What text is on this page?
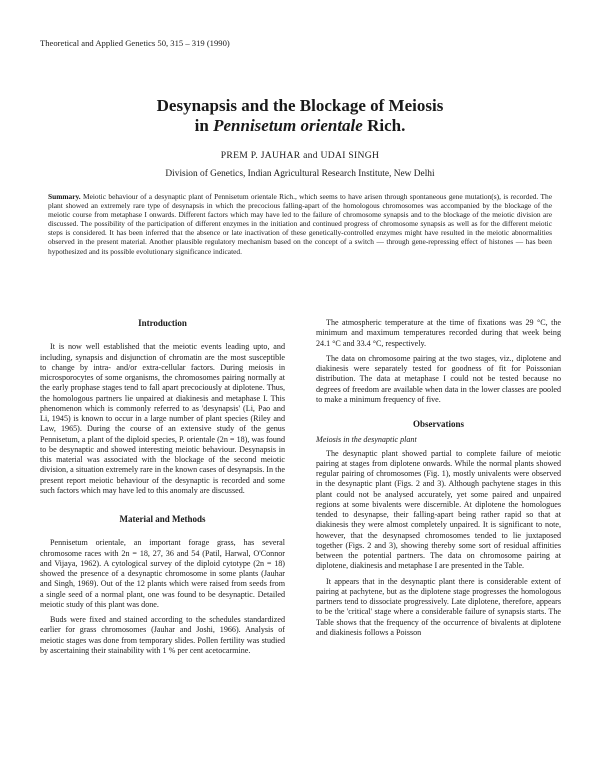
Theoretical and Applied Genetics 50, 315 – 319 (1990)
Desynapsis and the Blockage of Meiosis
in Pennisetum orientale Rich.
PREM P. JAUHAR and UDAI SINGH
Division of Genetics, Indian Agricultural Research Institute, New Delhi
Summary. Meiotic behaviour of a desynaptic plant of Pennisetum orientale Rich., which seems to have arisen through spontaneous gene mutation(s), is recorded. The plant showed an extremely rare type of desynapsis in which the precocious falling-apart of the homologous chromosomes was accompanied by the blockage of the meiotic course from metaphase I onwards. Different factors which may have led to the failure of chromosome synapsis and to the blockage of the meiotic division are discussed. The possibility of the participation of different enzymes in the initiation and continued progress of chromosome synapsis as well as for the different meiotic steps is considered. It has been inferred that the absence or late inactivation of these genetically-controlled enzymes might have resulted in the meiotic abnormalities observed in the present material. Another plausible regulatory mechanism based on the concept of a switch — through gene-repressing effect of histones — has been hypothesized and its possible evolutionary significance indicated.
Introduction

It is now well established that the meiotic events leading upto, and including, synapsis and disjunction of chromatin are the most susceptible to change by intra- and/or extra-cellular factors. During meiosis in microsporocytes of some organisms, the chromosomes pairing normally at the early prophase stages tend to fall apart precociously at diplotene. Thus, the homologous partners lie unpaired at diakinesis and metaphase I. This phenomenon which is commonly referred to as 'desynapsis' (Li, Pao and Li, 1945) is known to occur in a large number of plant species (Riley and Law, 1965). During the course of an extensive study of the genus Pennisetum, a plant of the diploid species, P. orientale (2n = 18), was found to be desynaptic and showed interesting meiotic behaviour. Desynapsis in this material was associated with the blockage of the second meiotic division, a situation extremely rare in the known cases of desynapsis. In the present report meiotic behaviour of the desynaptic is recorded and some such factors which may have led to this anomaly are discussed.

Material and Methods

Pennisetum orientale, an important forage grass, has several chromosome races with 2n = 18, 27, 36 and 54 (Patil, Harwal, O'Connor and Vijaya, 1962). A cytological survey of the diploid cytotype (2n = 18) showed the presence of a desynaptic chromosome in some plants (Jauhar and Singh, 1969). Out of the 12 plants which were raised from seeds from a single seed of a normal plant, one was found to be desynaptic. Detailed meiotic study of this plant was done.

Buds were fixed and stained according to the schedules standardized earlier for grass chromosomes (Jauhar and Joshi, 1966). Analysis of meiotic stages was done from temporary slides. Pollen fertility was studied by ascertaining their stainability with 1 % per cent acetocarmine.

The atmospheric temperature at the time of fixations was 29 °C, the minimum and maximum temperatures recorded during that week being 24.1 °C and 33.4 °C, respectively.

The data on chromosome pairing at the two stages, viz., diplotene and diakinesis were separately tested for goodness of fit for Poissonian distribution. The data at metaphase I could not be tested because no degrees of freedom are available when data in the lower classes are pooled to make a minimum frequency of five.

Observations
Meiosis in the desynaptic plant

The desynaptic plant showed partial to complete failure of meiotic pairing at stages from diplotene onwards. While the normal plants showed regular pairing of chromosomes (Fig. 1), mostly univalents were observed in the desynaptic plant (Figs. 2 and 3). Although pachytene stages in this plant could not be analysed accurately, yet some paired and unpaired regions at some bivalents were discernible. At diplotene the homologues tended to desynapse, their falling-apart being rather rapid so that at diakinesis they were almost completely unpaired. It is significant to note, however, that the desynapsed chromosomes tended to lie juxtaposed together (Figs. 2 and 3), showing thereby some sort of residual affinities between the potential partners. The data on chromosome pairing at diplotene, diakinesis and metaphase I are presented in the Table.

It appears that in the desynaptic plant there is considerable extent of pairing at pachytene, but as the diplotene stage progresses the homologous partners tend to dissociate progressively. Late diplotene, therefore, appears to be the 'critical' stage where a considerable failure of synapsis starts. The Table shows that the frequency of the occurrence of bivalents at diplotene and diakinesis follows a Poisson
